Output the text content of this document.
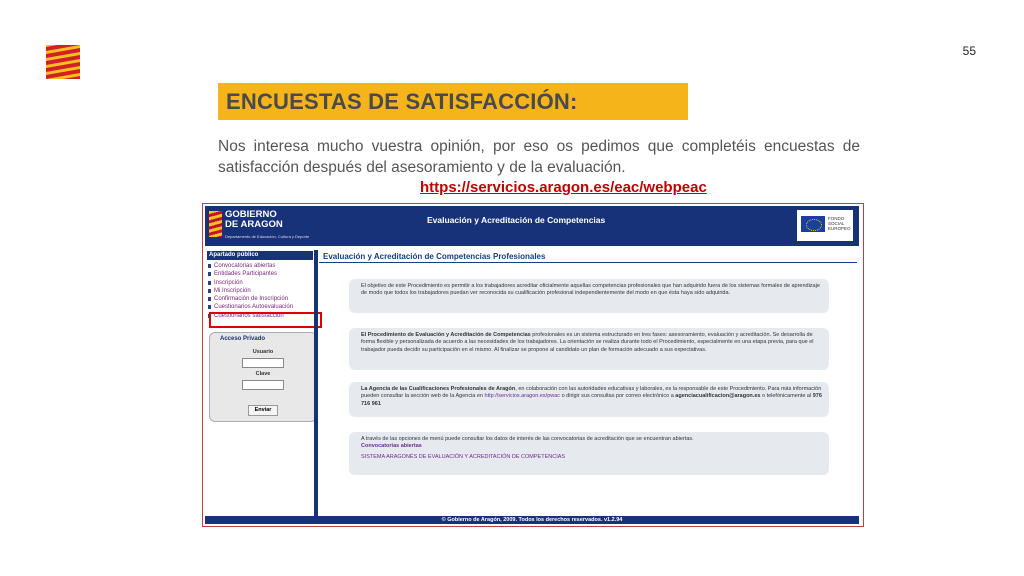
55
ENCUESTAS DE SATISFACCIÓN:
Nos interesa mucho vuestra opinión, por eso os pedimos que completéis encuestas de satisfacción después del asesoramiento y de la evaluación.
https://servicios.aragon.es/eac/webpeac
GOBIERNO
DE ARAGON
Departamento de Educación, Cultura y Deporte
Evaluación y Acreditación de Competencias	FONDO SOCIAL EUROPEO
Apartado público
Convocatorias abiertas
Entidades Participantes
Inscripción
Mi Inscripción
Confirmación de Inscripción
Cuestionarios Autoevaluación
Cuestionarios satisfacción
Acceso Privado
Usuario
Clave
Enviar
Evaluación y Acreditación de Competencias Profesionales
El objetivo de este Procedimiento es permitir a los trabajadores acreditar oficialmente aquellas competencias profesionales que han adquirido fuera de los sistemas formales de aprendizaje de modo que todos los trabajadores puedan ver reconocida su cualificación profesional independientemente del modo en que ésta haya sido adquirida.
El Procedimiento de Evaluación y Acreditación de Competencias profesionales es un sistema estructurado en tres fases: asesoramiento, evaluación y acreditación. Se desarrolla de forma flexible y personalizada de acuerdo a las necesidades de los trabajadores. La orientación se realiza durante todo el Procedimiento, especialmente en una etapa previa, para que el trabajador pueda decidir su participación en el mismo. Al finalizar se propone al candidato un plan de formación adecuado a sus expectativas.
La Agencia de las Cualificaciones Profesionales de Aragón, en colaboración con las autoridades educativas y laborales, es la responsable de este Procedimiento. Para más información pueden consultar la sección web de la Agencia en http://servicios.aragon.es/pwac o dirigir sus consultas por correo electrónico a agenciacualificacion@aragon.es o telefónicamente al 976 716 961
A través de las opciones de menú puede consultar los datos de interés de las convocatorias de acreditación que se encuentran abiertas.
Convocatorias abiertas
SISTEMA ARAGONÉS DE EVALUACIÓN Y ACREDITACIÓN DE COMPETENCIAS
© Gobierno de Aragón, 2009. Todos los derechos reservados. v1.2.94
